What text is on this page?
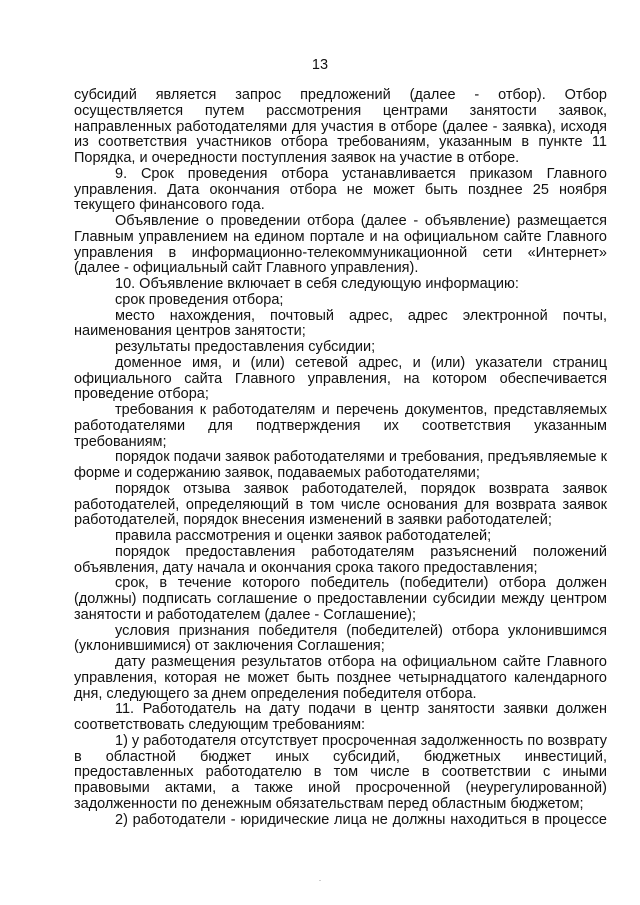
13

субсидий является запрос предложений (далее - отбор). Отбор осуществляется путем рассмотрения центрами занятости заявок, направленных работодателями для участия в отборе (далее - заявка), исходя из соответствия участников отбора требованиям, указанным в пункте 11 Порядка, и очередности поступления заявок на участие в отборе.

9. Срок проведения отбора устанавливается приказом Главного управления. Дата окончания отбора не может быть позднее 25 ноября текущего финансового года.

Объявление о проведении отбора (далее - объявление) размещается Главным управлением на едином портале и на официальном сайте Главного управления в информационно-телекоммуникационной сети «Интернет» (далее - официальный сайт Главного управления).

10. Объявление включает в себя следующую информацию:

срок проведения отбора;

место нахождения, почтовый адрес, адрес электронной почты, наименования центров занятости;

результаты предоставления субсидии;

доменное имя, и (или) сетевой адрес, и (или) указатели страниц официального сайта Главного управления, на котором обеспечивается проведение отбора;

требования к работодателям и перечень документов, представляемых работодателями для подтверждения их соответствия указанным требованиям;

порядок подачи заявок работодателями и требования, предъявляемые к форме и содержанию заявок, подаваемых работодателями;

порядок отзыва заявок работодателей, порядок возврата заявок работодателей, определяющий в том числе основания для возврата заявок работодателей, порядок внесения изменений в заявки работодателей;

правила рассмотрения и оценки заявок работодателей;

порядок предоставления работодателям разъяснений положений объявления, дату начала и окончания срока такого предоставления;

срок, в течение которого победитель (победители) отбора должен (должны) подписать соглашение о предоставлении субсидии между центром занятости и работодателем (далее - Соглашение);

условия признания победителя (победителей) отбора уклонившимся (уклонившимися) от заключения Соглашения;

дату размещения результатов отбора на официальном сайте Главного управления, которая не может быть позднее четырнадцатого календарного дня, следующего за днем определения победителя отбора.

11. Работодатель на дату подачи в центр занятости заявки должен соответствовать следующим требованиям:

1) у работодателя отсутствует просроченная задолженность по возврату в областной бюджет иных субсидий, бюджетных инвестиций, предоставленных работодателю в том числе в соответствии с иными правовыми актами, а также иной просроченной (неурегулированной) задолженности по денежным обязательствам перед областным бюджетом;

2) работодатели - юридические лица не должны находиться в процессе
